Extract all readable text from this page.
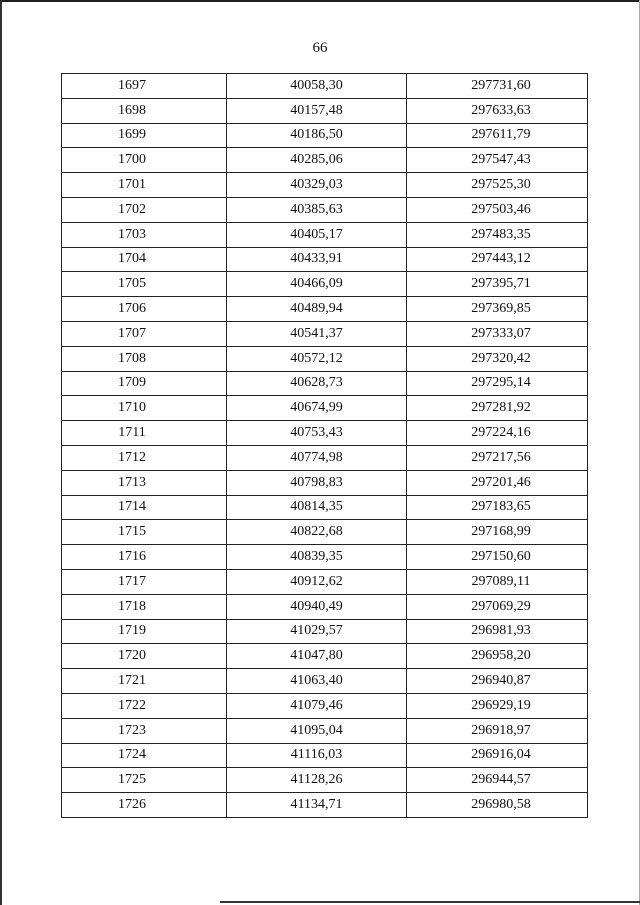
66
1697	40058,30	297731,60
1698	40157,48	297633,63
1699	40186,50	297611,79
1700	40285,06	297547,43
1701	40329,03	297525,30
1702	40385,63	297503,46
1703	40405,17	297483,35
1704	40433,91	297443,12
1705	40466,09	297395,71
1706	40489,94	297369,85
1707	40541,37	297333,07
1708	40572,12	297320,42
1709	40628,73	297295,14
1710	40674,99	297281,92
1711	40753,43	297224,16
1712	40774,98	297217,56
1713	40798,83	297201,46
1714	40814,35	297183,65
1715	40822,68	297168,99
1716	40839,35	297150,60
1717	40912,62	297089,11
1718	40940,49	297069,29
1719	41029,57	296981,93
1720	41047,80	296958,20
1721	41063,40	296940,87
1722	41079,46	296929,19
1723	41095,04	296918,97
1724	41116,03	296916,04
1725	41128,26	296944,57
1726	41134,71	296980,58
